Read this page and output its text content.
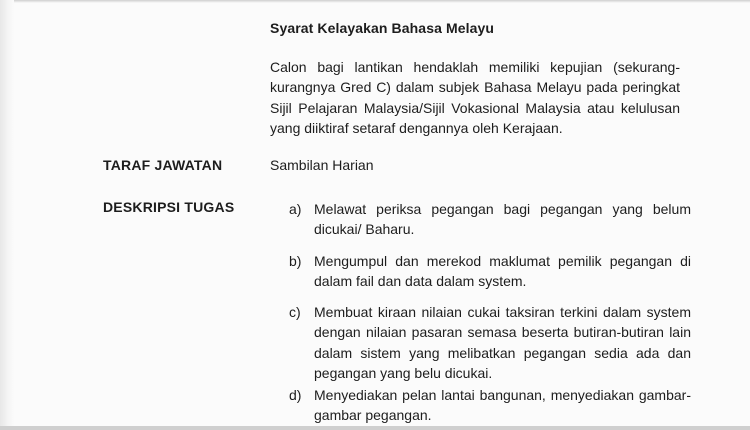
Syarat Kelayakan Bahasa Melayu
Calon bagi lantikan hendaklah memiliki kepujian (sekurang-kurangnya Gred C) dalam subjek Bahasa Melayu pada peringkat Sijil Pelajaran Malaysia/Sijil Vokasional Malaysia atau kelulusan yang diiktiraf setaraf dengannya oleh Kerajaan.
TARAF JAWATAN	Sambilan Harian
DESKRIPSI TUGAS	a) Melawat periksa pegangan bagi pegangan yang belum dicukai/ Baharu.
b) Mengumpul dan merekod maklumat pemilik pegangan di dalam fail dan data dalam system.
c) Membuat kiraan nilaian cukai taksiran terkini dalam system dengan nilaian pasaran semasa beserta butiran-butiran lain dalam sistem yang melibatkan pegangan sedia ada dan pegangan yang belu dicukai.
d) Menyediakan pelan lantai bangunan, menyediakan gambar-gambar pegangan.
